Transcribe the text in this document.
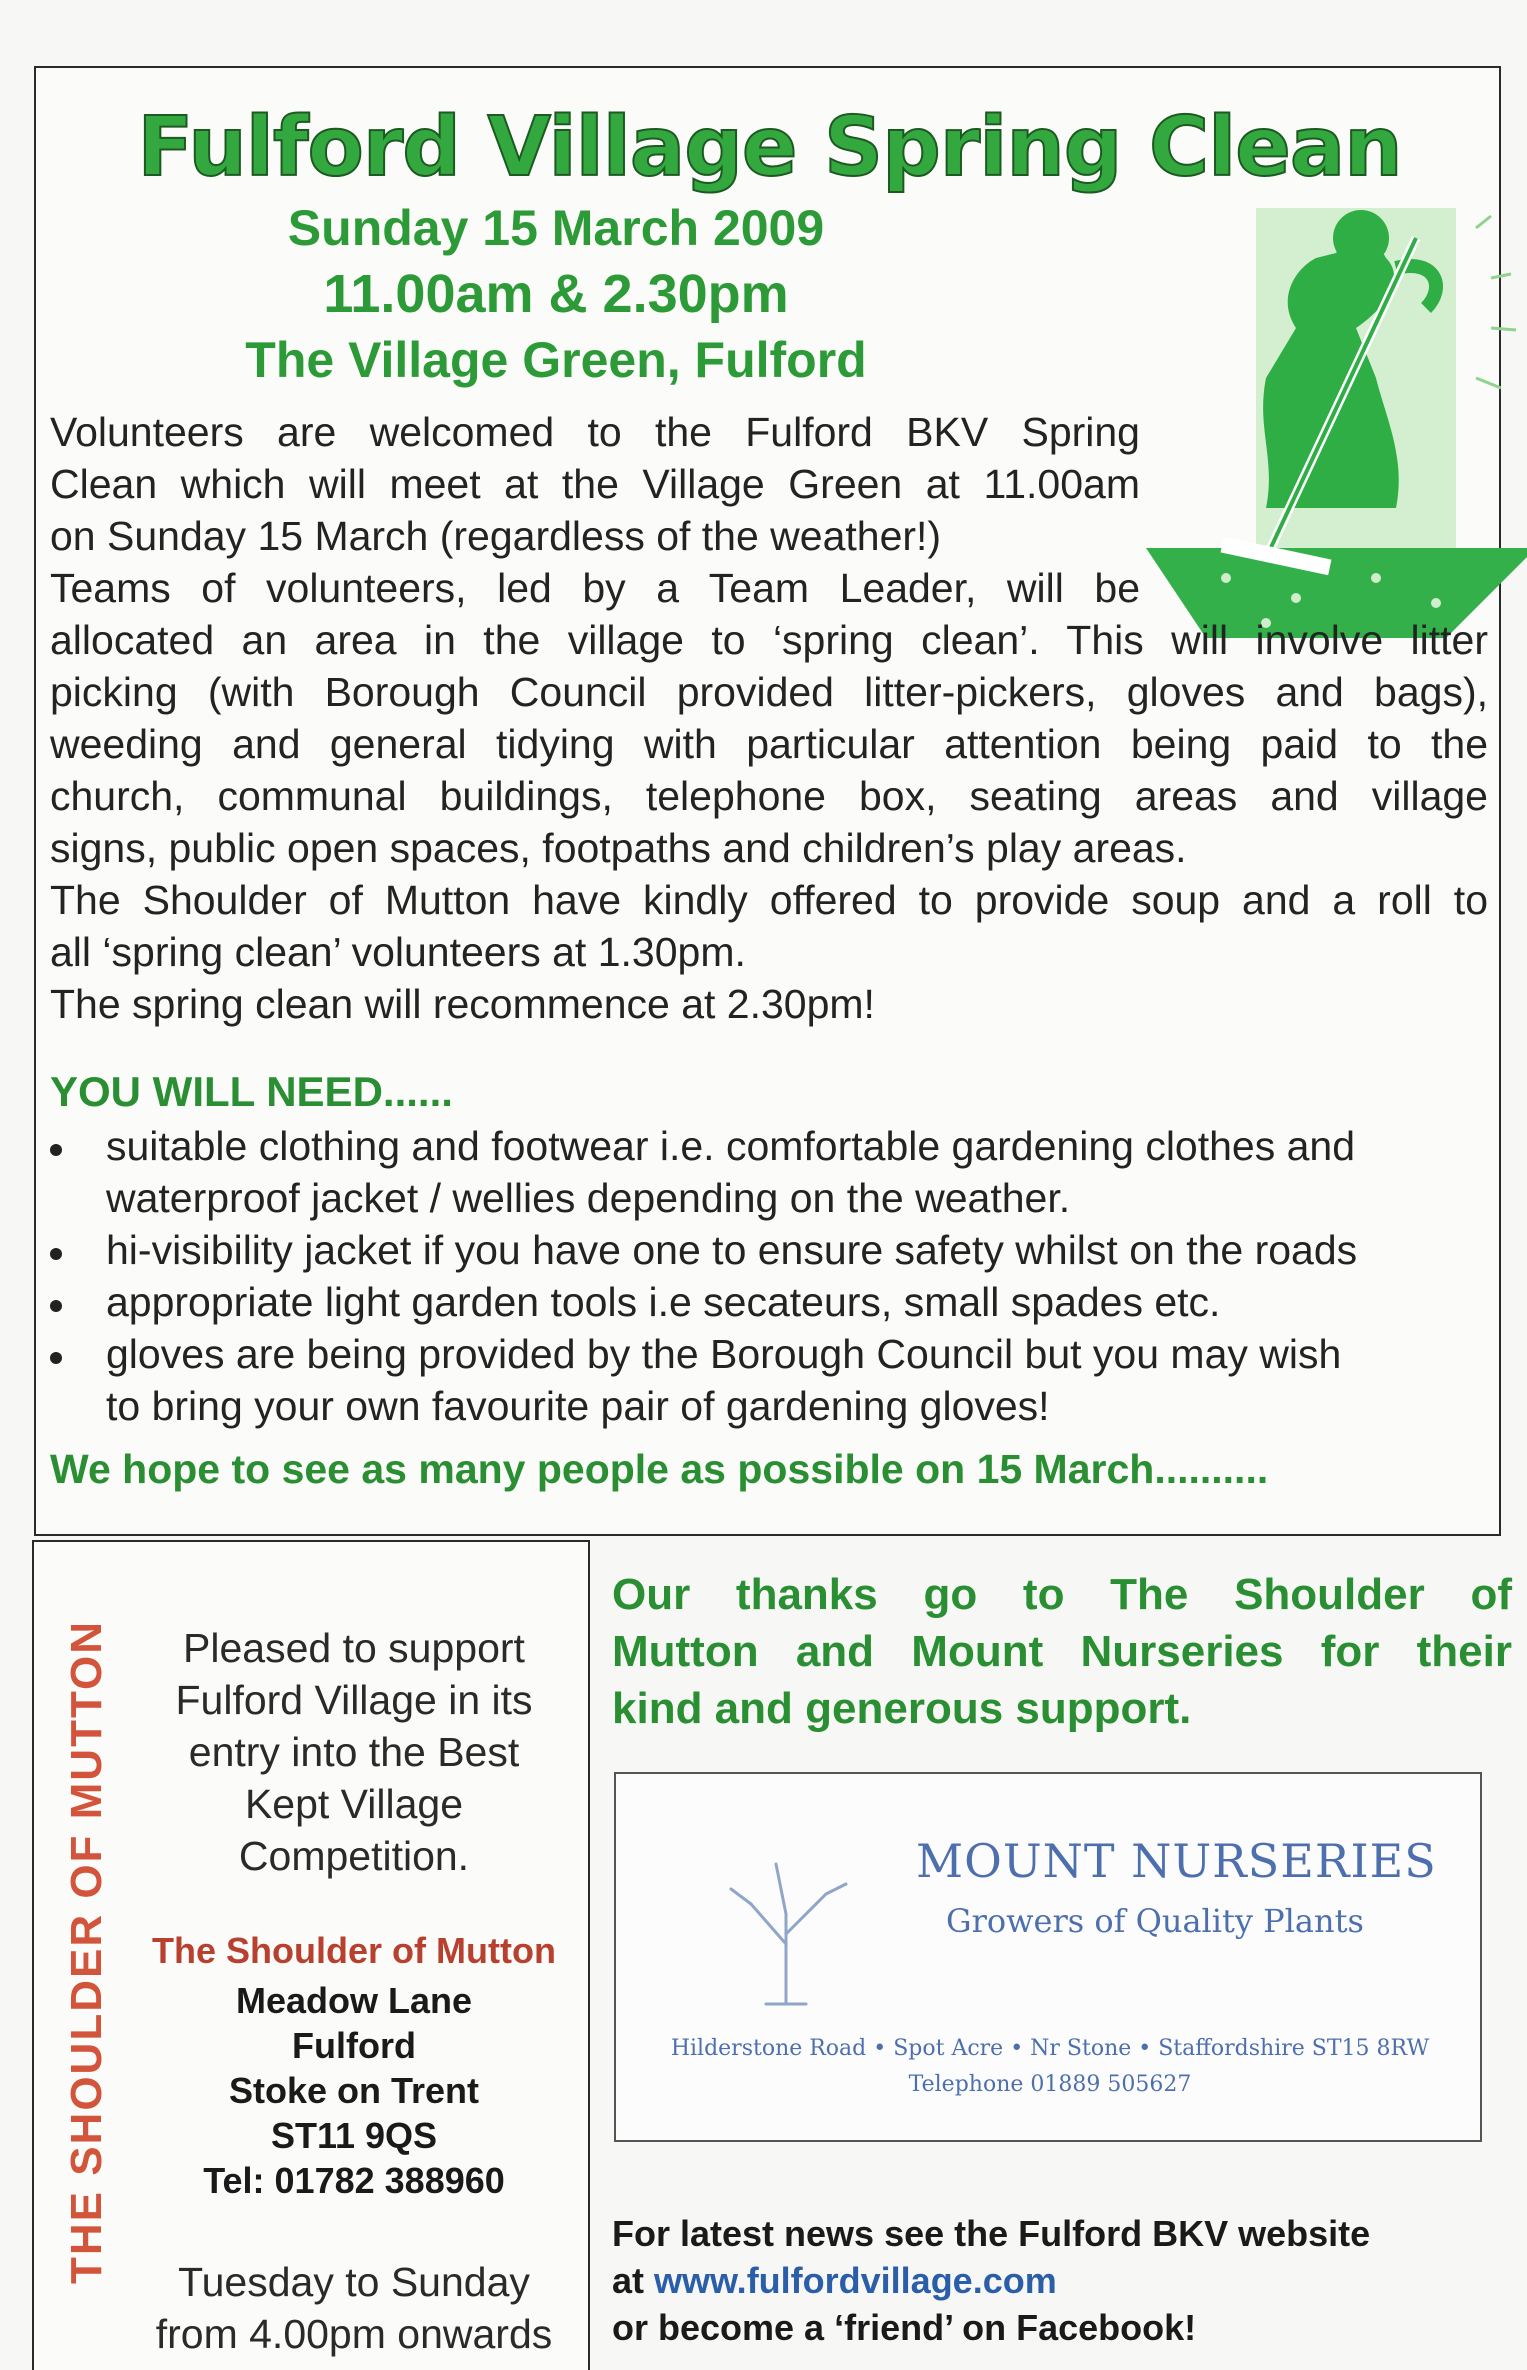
Fulford Village Spring Clean
Sunday 15 March 2009
11.00am & 2.30pm
The Village Green, Fulford
Volunteers are welcomed to the Fulford BKV Spring
Clean which will meet at the Village Green at 11.00am
on Sunday 15 March (regardless of the weather!)
Teams of volunteers, led by a Team Leader, will be
allocated an area in the village to ‘spring clean’. This will involve litter
picking (with Borough Council provided litter-pickers, gloves and bags),
weeding and general tidying with particular attention being paid to the
church, communal buildings, telephone box, seating areas and village
signs, public open spaces, footpaths and children’s play areas.
The Shoulder of Mutton have kindly offered to provide soup and a roll to
all ‘spring clean’ volunteers at 1.30pm.
The spring clean will recommence at 2.30pm!
YOU WILL NEED......
suitable clothing and footwear i.e. comfortable gardening clothes and
waterproof jacket / wellies depending on the weather.
hi-visibility jacket if you have one to ensure safety whilst on the roads
appropriate light garden tools i.e secateurs, small spades etc.
gloves are being provided by the Borough Council but you may wish
to bring your own favourite pair of gardening gloves!
We hope to see as many people as possible on 15 March..........
THE SHOULDER OF MUTTON	Pleased to support
Fulford Village in its
entry into the Best
Kept Village
Competition.
The Shoulder of Mutton
Meadow Lane
Fulford
Stoke on Trent
ST11 9QS
Tel: 01782 388960
Tuesday to Sunday
from 4.00pm onwards
Our thanks go to The Shoulder of
Mutton and Mount Nurseries for their
kind and generous support.
MOUNT NURSERIES
Growers of Quality Plants
Hilderstone Road • Spot Acre • Nr Stone • Staffordshire ST15 8RW
Telephone 01889 505627
For latest news see the Fulford BKV website
at www.fulfordvillage.com
or become a ‘friend’ on Facebook!
